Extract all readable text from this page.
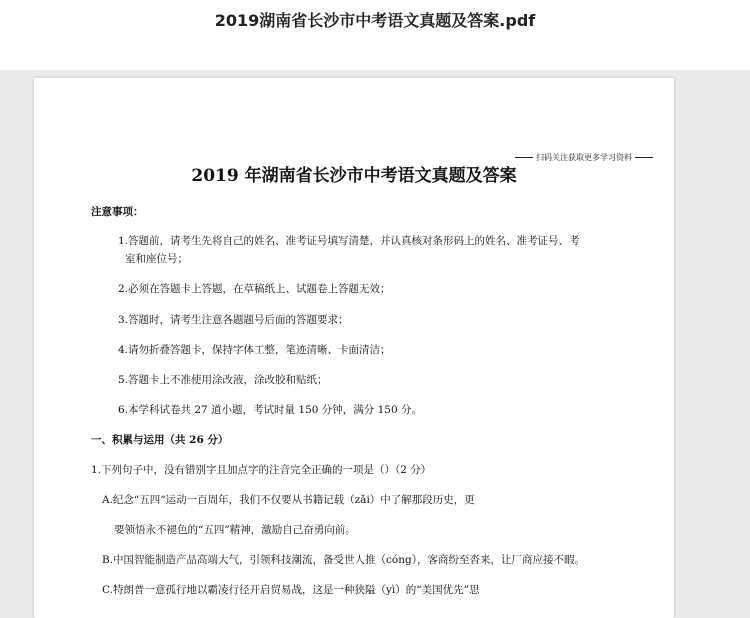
2019湖南省长沙市中考语文真题及答案.pdf
扫码关注获取更多学习资料
2019 年湖南省长沙市中考语文真题及答案
注意事项：
1.答题前，请考生先将自己的姓名、准考证号填写清楚，并认真核对条形码上的姓名、准考证号、考
室和座位号；
2.必须在答题卡上答题，在草稿纸上、试题卷上答题无效；
3.答题时，请考生注意各题题号后面的答题要求；
4.请勿折叠答题卡，保持字体工整，笔迹清晰、卡面清洁；
5.答题卡上不准使用涂改液，涂改胶和贴纸；
6.本学科试卷共 27 道小题，考试时量 150 分钟，满分 150 分。
一、积累与运用（共 26 分）
1.下列句子中，没有错别字且加点字的注音完全正确的一项是（）（2 分）
A.纪念“五四“运动一百周年，我们不仅要从书籍记载（zǎi）中了解那段历史，更
要领悟永不褪色的“五四”精神，激励自己奋勇向前。
B.中国智能制造产品高端大气，引领科技潮流，备受世人推（cóng），客商纷至沓来，让厂商应接不暇。
C.特朗普一意孤行地以霸凌行径开启贸易战，这是一种狭隘（yì）的“美国优先”思
